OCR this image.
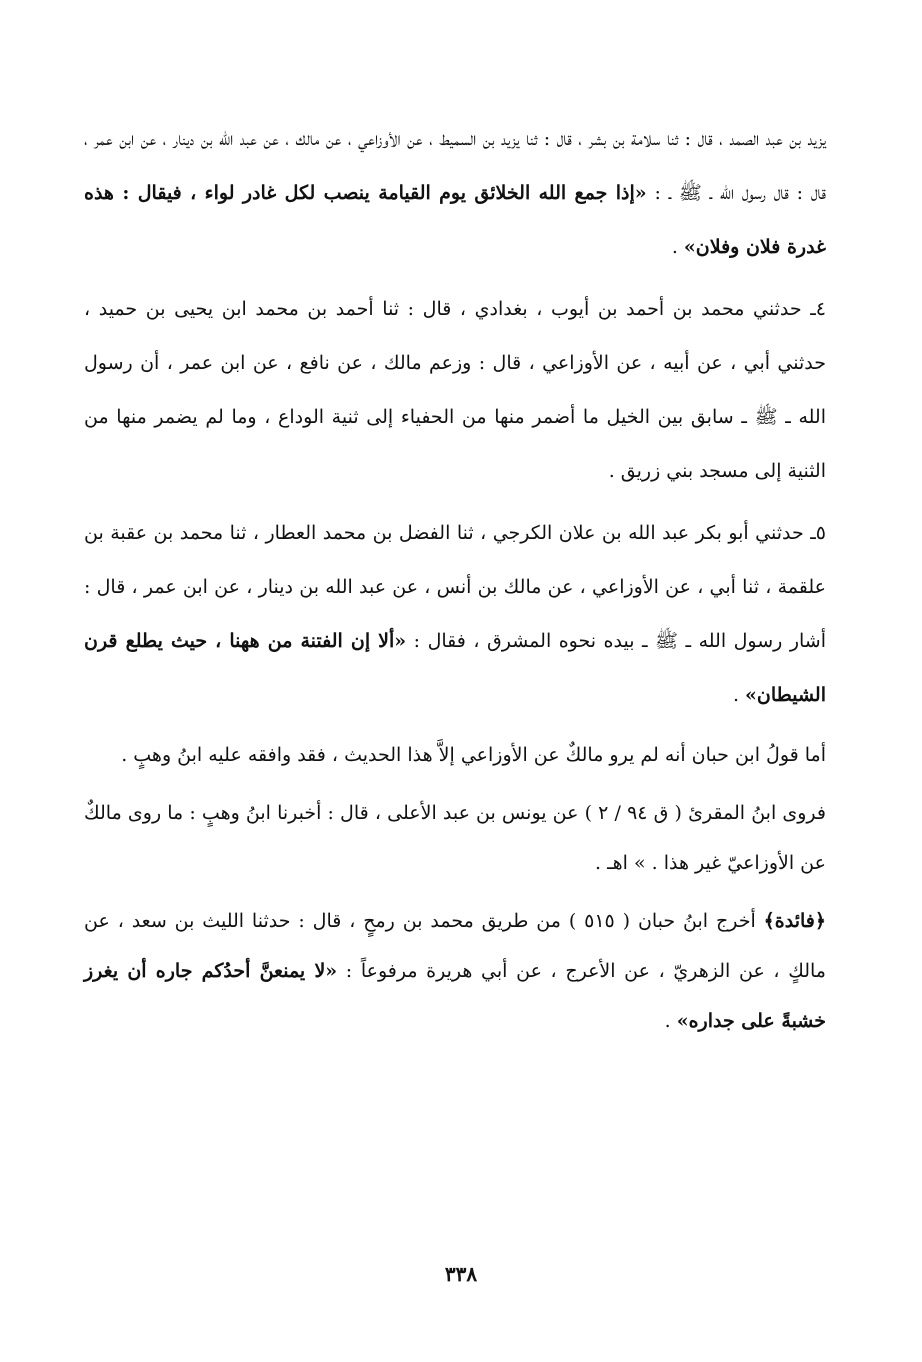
يزيد بن عبد الصمد ، قال : ثنا سلامة بن بشر ، قال : ثنا يزيد بن السميط ، عن الأوزاعي ، عن مالك ، عن عبد الله بن دينار ، عن ابن عمر ، قال : قال رسول الله ـ ﷺ ـ : «إذا جمع الله الخلائق يوم القيامة ينصب لكل غادر لواء ، فيقال : هذه غدرة فلان وفلان» .

٤ـ حدثني محمد بن أحمد بن أيوب ، بغدادي ، قال : ثنا أحمد بن محمد ابن يحيى بن حميد ، حدثني أبي ، عن أبيه ، عن الأوزاعي ، قال : وزعم مالك ، عن نافع ، عن ابن عمر ، أن رسول الله ـ ﷺ ـ سابق بين الخيل ما أضمر منها من الحفياء إلى ثنية الوداع ، وما لم يضمر منها من الثنية إلى مسجد بني زريق .

٥ـ حدثني أبو بكر عبد الله بن علان الكرجي ، ثنا الفضل بن محمد العطار ، ثنا محمد بن عقبة بن علقمة ، ثنا أبي ، عن الأوزاعي ، عن مالك بن أنس ، عن عبد الله بن دينار ، عن ابن عمر ، قال : أشار رسول الله ـ ﷺ ـ بيده نحوه المشرق ، فقال : «ألا إن الفتنة من ههنا ، حيث يطلع قرن الشيطان» .

أما قولُ ابن حبان أنه لم يرو مالكٌ عن الأوزاعي إلاَّ هذا الحديث ، فقد وافقه عليه ابنُ وهبٍ .

فروى ابنُ المقرئ ( ق ٩٤ / ٢ ) عن يونس بن عبد الأعلى ، قال : أخبرنا ابنُ وهبٍ : ما روى مالكٌ عن الأوزاعيّ غير هذا . » اهـ .

﴿فائدة﴾ أخرج ابنُ حبان ( ٥١٥ ) من طريق محمد بن رمحٍ ، قال : حدثنا الليث بن سعد ، عن مالكٍ ، عن الزهريّ ، عن الأعرج ، عن أبي هريرة مرفوعاً : «لا يمنعنَّ أحدُكم جاره أن يغرز خشبةً على جداره» .

٣٣٨
